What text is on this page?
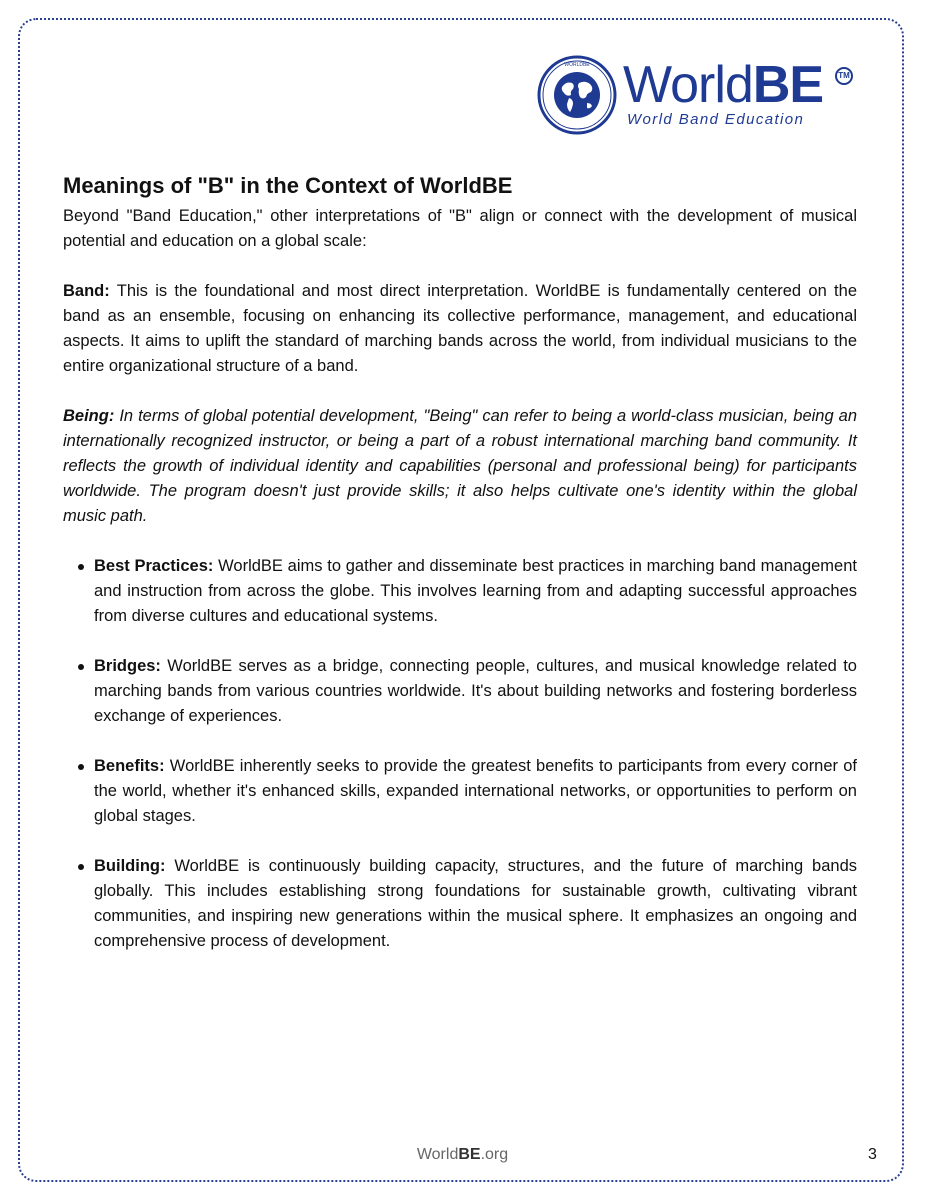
WORLDBE WorldBE	TM
World Band Education
Meanings of "B" in the Context of WorldBE

Beyond "Band Education," other interpretations of "B" align or connect with the development of musical potential and education on a global scale:

Band: This is the foundational and most direct interpretation. WorldBE is fundamentally centered on the band as an ensemble, focusing on enhancing its collective performance, management, and educational aspects. It aims to uplift the standard of marching bands across the world, from individual musicians to the entire organizational structure of a band.

Being: In terms of global potential development, "Being" can refer to being a world-class musician, being an internationally recognized instructor, or being a part of a robust international marching band community. It reflects the growth of individual identity and capabilities (personal and professional being) for participants worldwide. The program doesn't just provide skills; it also helps cultivate one's identity within the global music path.

Best Practices: WorldBE aims to gather and disseminate best practices in marching band management and instruction from across the globe. This involves learning from and adapting successful approaches from diverse cultures and educational systems.
Bridges: WorldBE serves as a bridge, connecting people, cultures, and musical knowledge related to marching bands from various countries worldwide. It's about building networks and fostering borderless exchange of experiences.
Benefits: WorldBE inherently seeks to provide the greatest benefits to participants from every corner of the world, whether it's enhanced skills, expanded international networks, or opportunities to perform on global stages.
Building: WorldBE is continuously building capacity, structures, and the future of marching bands globally. This includes establishing strong foundations for sustainable growth, cultivating vibrant communities, and inspiring new generations within the musical sphere. It emphasizes an ongoing and comprehensive process of development.
WorldBE.org	3
